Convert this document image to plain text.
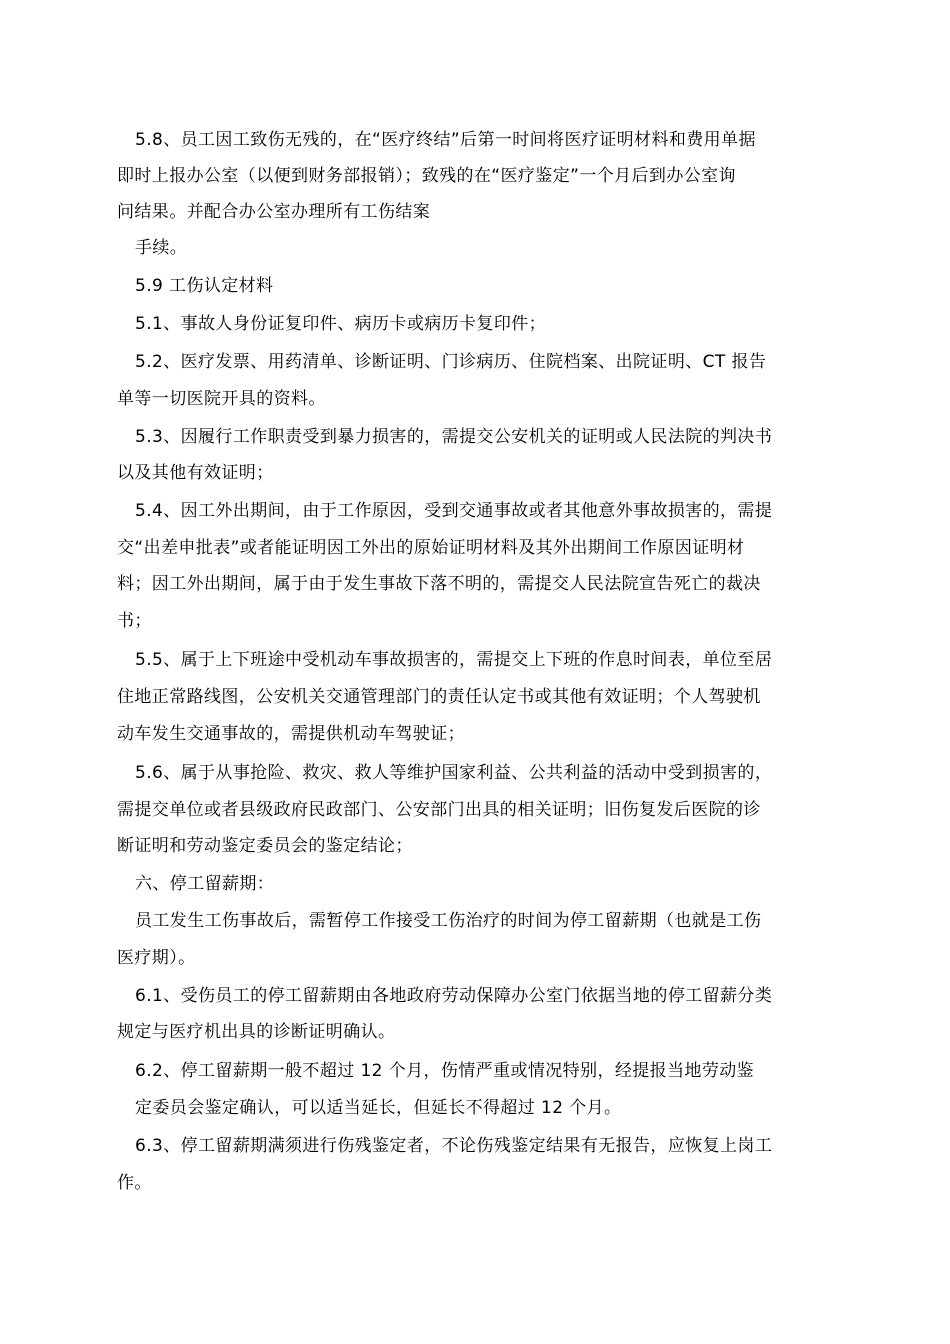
5.8、员工因工致伤无残的，在“医疗终结”后第一时间将医疗证明材料和费用单据
即时上报办公室（以便到财务部报销）；致残的在“医疗鉴定”一个月后到办公室询
问结果。并配合办公室办理所有工伤结案
手续。
5.9 工伤认定材料
5.1、事故人身份证复印件、病历卡或病历卡复印件；
5.2、医疗发票、用药清单、诊断证明、门诊病历、住院档案、出院证明、CT 报告
单等一切医院开具的资料。
5.3、因履行工作职责受到暴力损害的，需提交公安机关的证明或人民法院的判决书
以及其他有效证明；
5.4、因工外出期间，由于工作原因，受到交通事故或者其他意外事故损害的，需提
交“出差申批表”或者能证明因工外出的原始证明材料及其外出期间工作原因证明材
料；因工外出期间，属于由于发生事故下落不明的，需提交人民法院宣告死亡的裁决
书；
5.5、属于上下班途中受机动车事故损害的，需提交上下班的作息时间表，单位至居
住地正常路线图，公安机关交通管理部门的责任认定书或其他有效证明；个人驾驶机
动车发生交通事故的，需提供机动车驾驶证；
5.6、属于从事抢险、救灾、救人等维护国家利益、公共利益的活动中受到损害的，
需提交单位或者县级政府民政部门、公安部门出具的相关证明；旧伤复发后医院的诊
断证明和劳动鉴定委员会的鉴定结论；
六、停工留薪期：
员工发生工伤事故后，需暂停工作接受工伤治疗的时间为停工留薪期（也就是工伤
医疗期）。
6.1、受伤员工的停工留薪期由各地政府劳动保障办公室门依据当地的停工留薪分类
规定与医疗机出具的诊断证明确认。
6.2、停工留薪期一般不超过 12 个月，伤情严重或情况特别，经提报当地劳动鉴
定委员会鉴定确认，可以适当延长，但延长不得超过 12 个月。
6.3、停工留薪期满须进行伤残鉴定者，不论伤残鉴定结果有无报告，应恢复上岗工
作。
